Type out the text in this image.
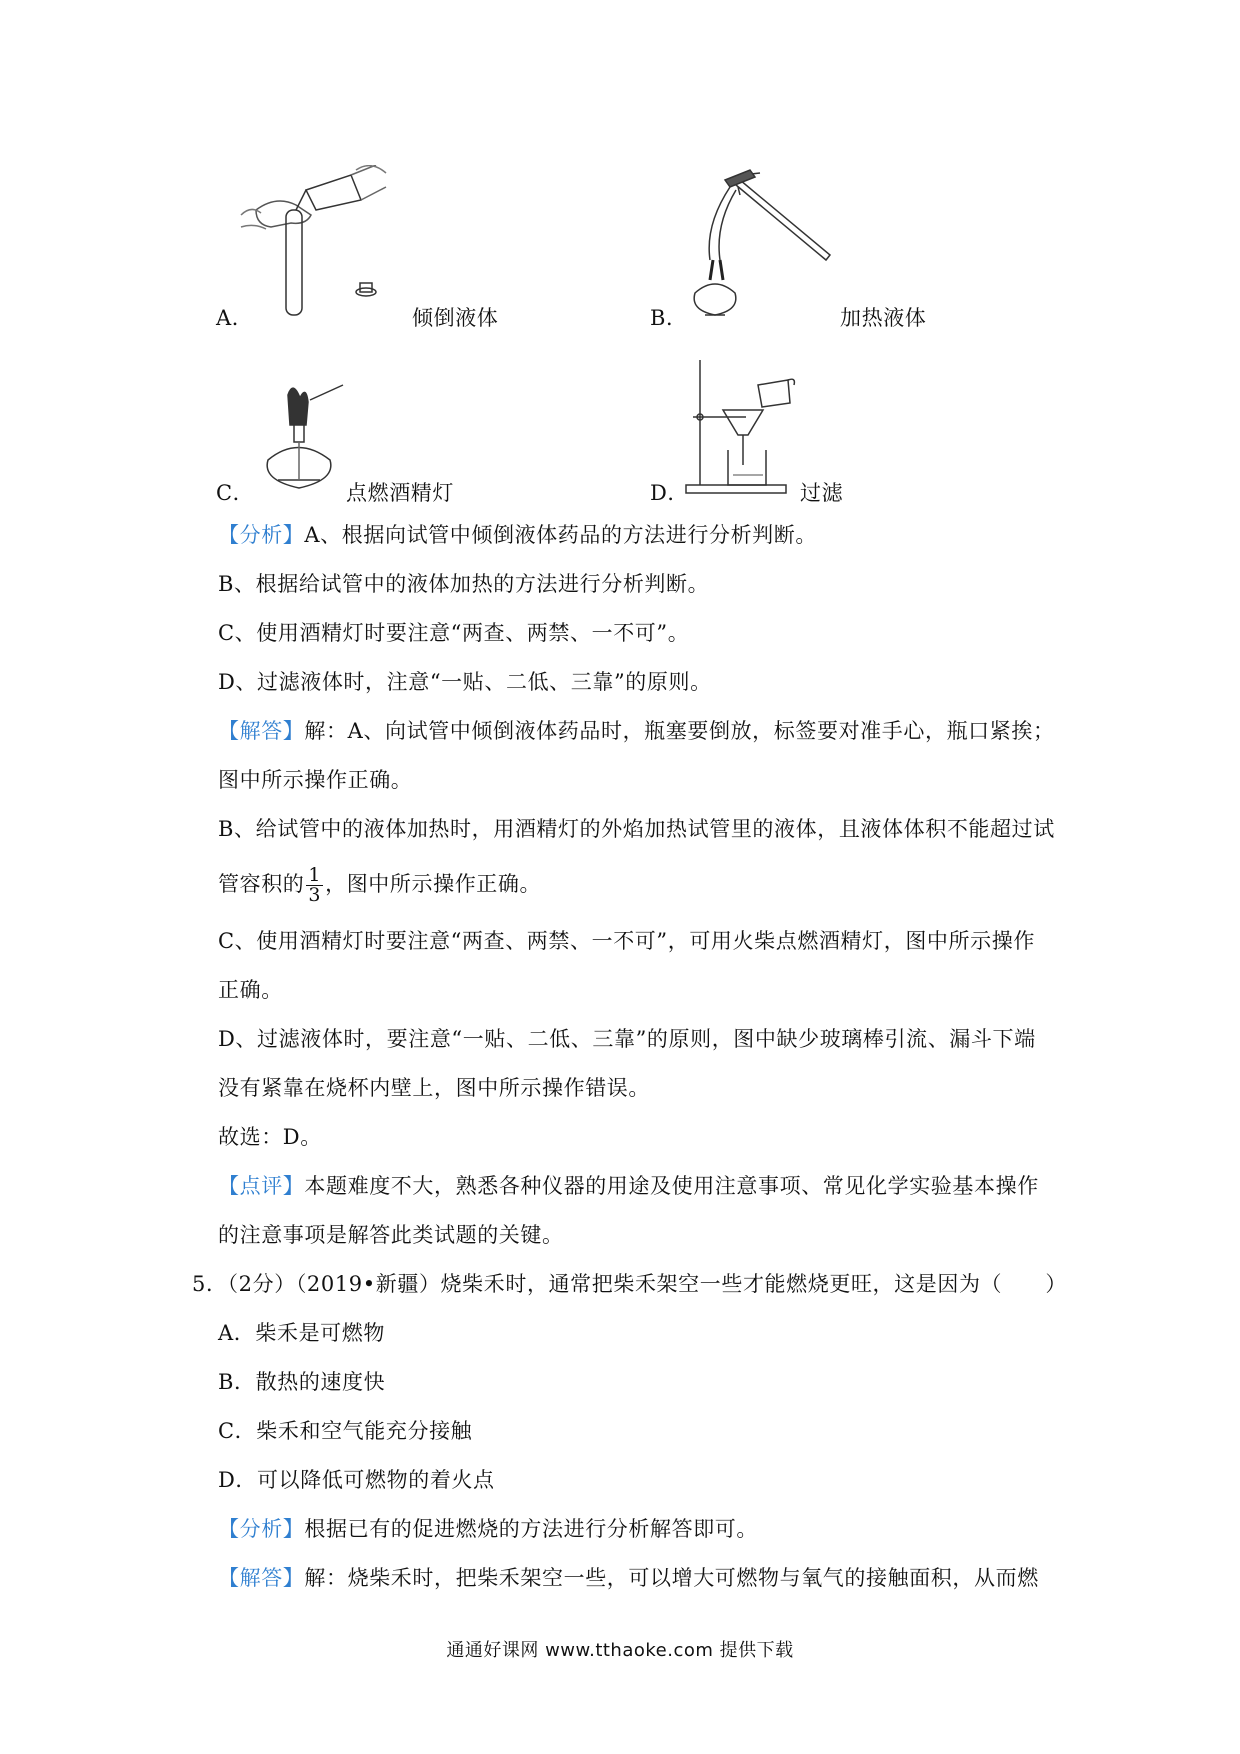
A．	倾倒液体	B．	加热液体
C．	点燃酒精灯	D．	过滤
【分析】A、根据向试管中倾倒液体药品的方法进行分析判断。
B、根据给试管中的液体加热的方法进行分析判断。
C、使用酒精灯时要注意“两查、两禁、一不可”。
D、过滤液体时，注意“一贴、二低、三靠”的原则。
【解答】解：A、向试管中倾倒液体药品时，瓶塞要倒放，标签要对准手心，瓶口紧挨；
图中所示操作正确。
B、给试管中的液体加热时，用酒精灯的外焰加热试管里的液体，且液体体积不能超过试
管容积的 $\frac{1}{3}$ ，图中所示操作正确。
C、使用酒精灯时要注意“两查、两禁、一不可”，可用火柴点燃酒精灯，图中所示操作
正确。
D、过滤液体时，要注意“一贴、二低、三靠”的原则，图中缺少玻璃棒引流、漏斗下端
没有紧靠在烧杯内壁上，图中所示操作错误。
故选：D。
【点评】本题难度不大，熟悉各种仪器的用途及使用注意事项、常见化学实验基本操作
的注意事项是解答此类试题的关键。
5．（2分）（2019•新疆）烧柴禾时，通常把柴禾架空一些才能燃烧更旺，这是因为（　　）
A．柴禾是可燃物
B．散热的速度快
C．柴禾和空气能充分接触
D．可以降低可燃物的着火点
【分析】根据已有的促进燃烧的方法进行分析解答即可。
【解答】解：烧柴禾时，把柴禾架空一些，可以增大可燃物与氧气的接触面积，从而燃
通通好课网 www.tthaoke.com 提供下载
